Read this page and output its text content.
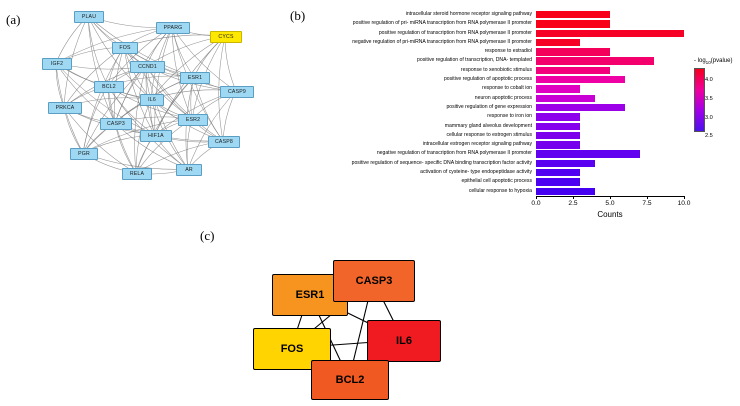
(a)	(b)
(c)
PLAU
PPARG
CYCS
FOS
IGF2	CCND1
ESR1
BCL2
CASP9
IL6
PRKCA
ESR2
CASP3
HIF1A
CASP8
PGR
RELA
AR
intracellular steroid hormone receptor signaling pathway
positive regulation of pri- miRNA transcription from RNA polymerase II promoter
positive regulation of transcription from RNA polymerase II promoter
negative regulation of pri-miRNA transcription from RNA polymerase II promoter
response to estradiol
positive regulation of transcription, DNA- templated
response to xenobiotic stimulus
positive regulation of apoptotic process
response to cobalt ion
neuron apoptotic process
positive regulation of gene expression
response to iron ion
mammary gland alveolus development
cellular response to estrogen stimulus
intracellular estrogen receptor signaling pathway
negative regulation of transcription from RNA polymerase II promoter
positive regulation of sequence- specific DNA binding transcription factor activity
activation of cysteine- type endopeptidase activity
epithelial cell apoptotic process
cellular response to hypoxia
0.0	2.5	5.0	7.5	10.0
Counts
- $\log_{10}(pvalue)$
4.0
3.5
3.0
2.5
ESR1
CASP3
FOS
IL6
BCL2
